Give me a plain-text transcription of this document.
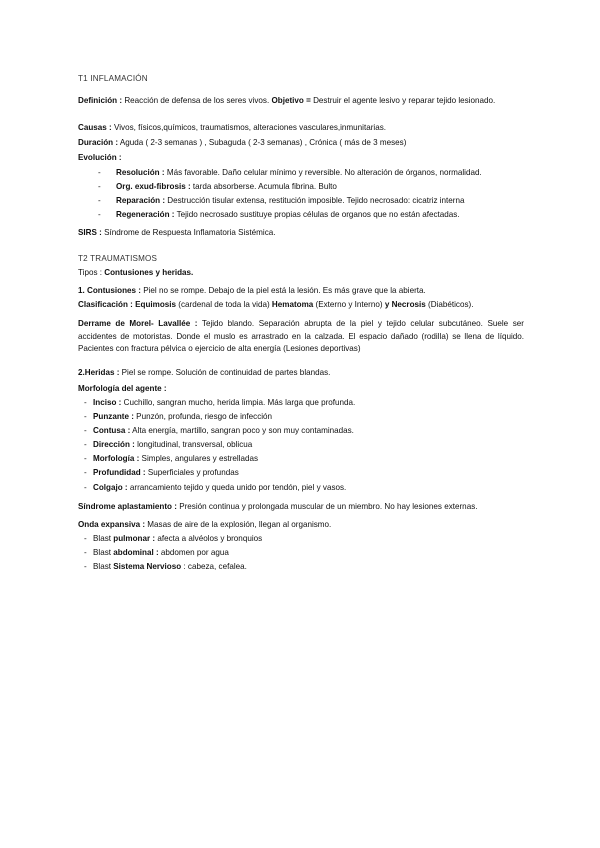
T1 INFLAMACIÓN
Definición : Reacción de defensa de los seres vivos. Objetivo = Destruir el agente lesivo y reparar tejido lesionado.
Causas : Vivos, físicos,químicos, traumatismos, alteraciones vasculares,inmunitarias.
Duración : Aguda ( 2-3 semanas ) , Subaguda ( 2-3 semanas) , Crónica ( más de 3 meses)
Evolución :
- Resolución : Más favorable. Daño celular mínimo y reversible. No alteración de órganos, normalidad.
- Org. exud-fibrosis : tarda absorberse. Acumula fibrina. Bulto
- Reparación : Destrucción tisular extensa, restitución imposible. Tejido necrosado: cicatriz interna
- Regeneración : Tejido necrosado sustituye propias células de organos que no están afectadas.
SIRS : Síndrome de Respuesta Inflamatoria Sistémica.
T2 TRAUMATISMOS
Tipos : Contusiones y heridas.
1. Contusiones : Piel no se rompe. Debajo de la piel está la lesión. Es más grave que la abierta.
Clasificación : Equimosis (cardenal de toda la vida) Hematoma (Externo y Interno) y Necrosis (Diabéticos).
Derrame de Morel- Lavallée : Tejido blando. Separación abrupta de la piel y tejido celular subcutáneo. Suele ser accidentes de motoristas. Donde el muslo es arrastrado en la calzada. El espacio dañado (rodilla) se llena de líquido. Pacientes con fractura pélvica o ejercicio de alta energía (Lesiones deportivas)
2.Heridas : Piel se rompe. Solución de continuidad de partes blandas.
Morfología del agente :
- Inciso : Cuchillo, sangran mucho, herida limpia. Más larga que profunda.
- Punzante : Punzón, profunda, riesgo de infección
- Contusa : Alta energía, martillo, sangran poco y son muy contaminadas.
- Dirección : longitudinal, transversal, oblicua
- Morfología : Simples, angulares y estrelladas
- Profundidad : Superficiales y profundas
- Colgajo : arrancamiento tejido y queda unido por tendón, piel y vasos.
Síndrome aplastamiento : Presión continua y prolongada muscular de un miembro. No hay lesiones externas.
Onda expansiva : Masas de aire de la explosión, llegan al organismo.
- Blast pulmonar : afecta a alvéolos y bronquios
- Blast abdominal : abdomen por agua
- Blast Sistema Nervioso : cabeza, cefalea.
